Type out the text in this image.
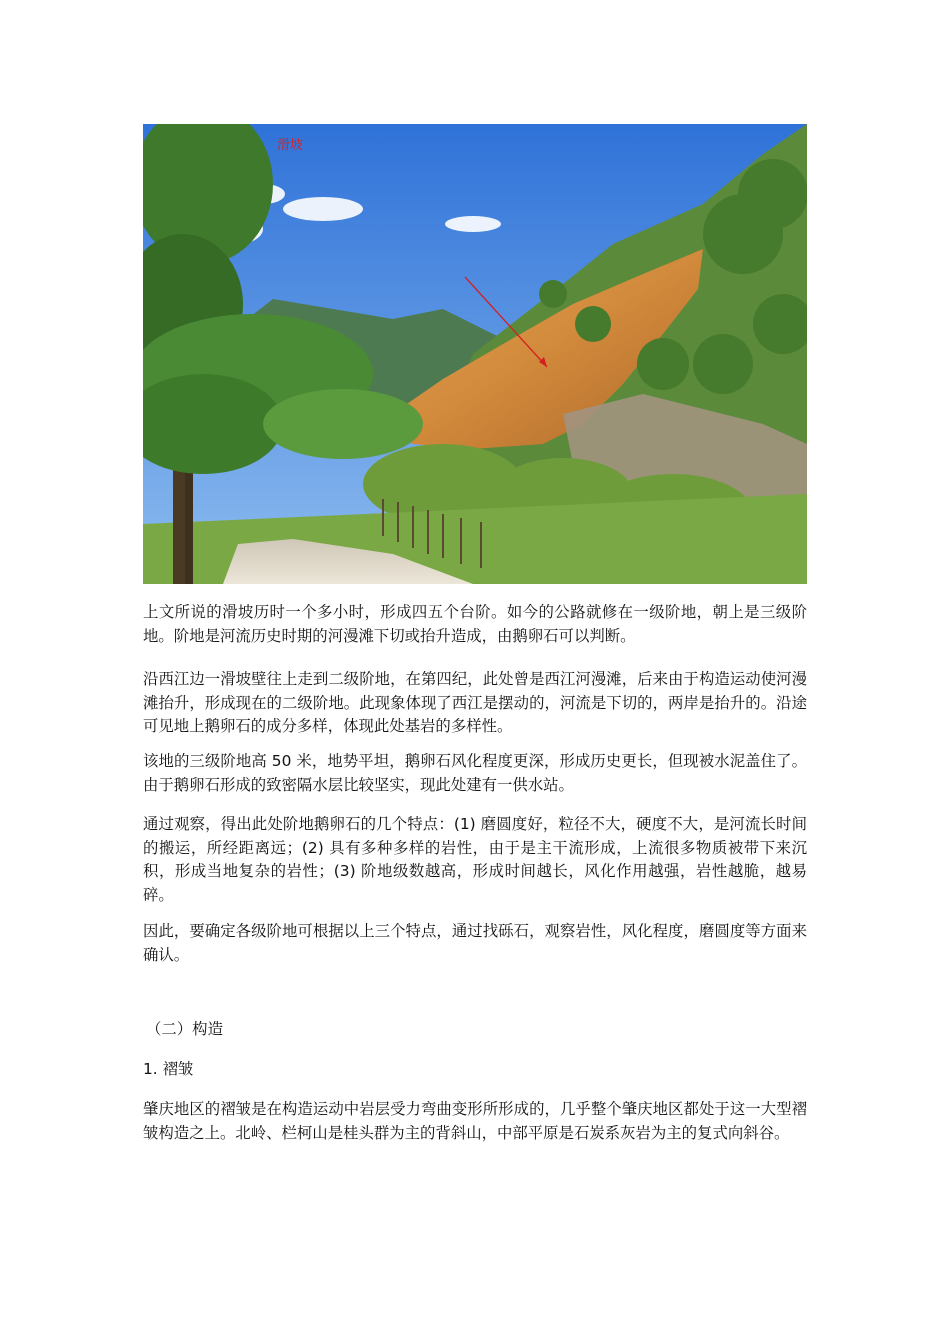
滑坡

上文所说的滑坡历时一个多小时，形成四五个台阶。如今的公路就修在一级阶地，朝上是三级阶地。阶地是河流历史时期的河漫滩下切或抬升造成，由鹅卵石可以判断。

沿西江边一滑坡壁往上走到二级阶地，在第四纪，此处曾是西江河漫滩，后来由于构造运动使河漫滩抬升，形成现在的二级阶地。此现象体现了西江是摆动的，河流是下切的，两岸是抬升的。沿途可见地上鹅卵石的成分多样，体现此处基岩的多样性。

该地的三级阶地高 50 米，地势平坦，鹅卵石风化程度更深，形成历史更长，但现被水泥盖住了。由于鹅卵石形成的致密隔水层比较坚实，现此处建有一供水站。

通过观察，得出此处阶地鹅卵石的几个特点：(1) 磨圆度好，粒径不大，硬度不大，是河流长时间的搬运，所经距离远；(2) 具有多种多样的岩性，由于是主干流形成，上流很多物质被带下来沉积，形成当地复杂的岩性；(3) 阶地级数越高，形成时间越长，风化作用越强，岩性越脆，越易碎。

因此，要确定各级阶地可根据以上三个特点，通过找砾石，观察岩性，风化程度，磨圆度等方面来确认。

（二）构造
1. 褶皱

肇庆地区的褶皱是在构造运动中岩层受力弯曲变形所形成的，几乎整个肇庆地区都处于这一大型褶皱构造之上。北岭、栏柯山是桂头群为主的背斜山，中部平原是石炭系灰岩为主的复式向斜谷。
